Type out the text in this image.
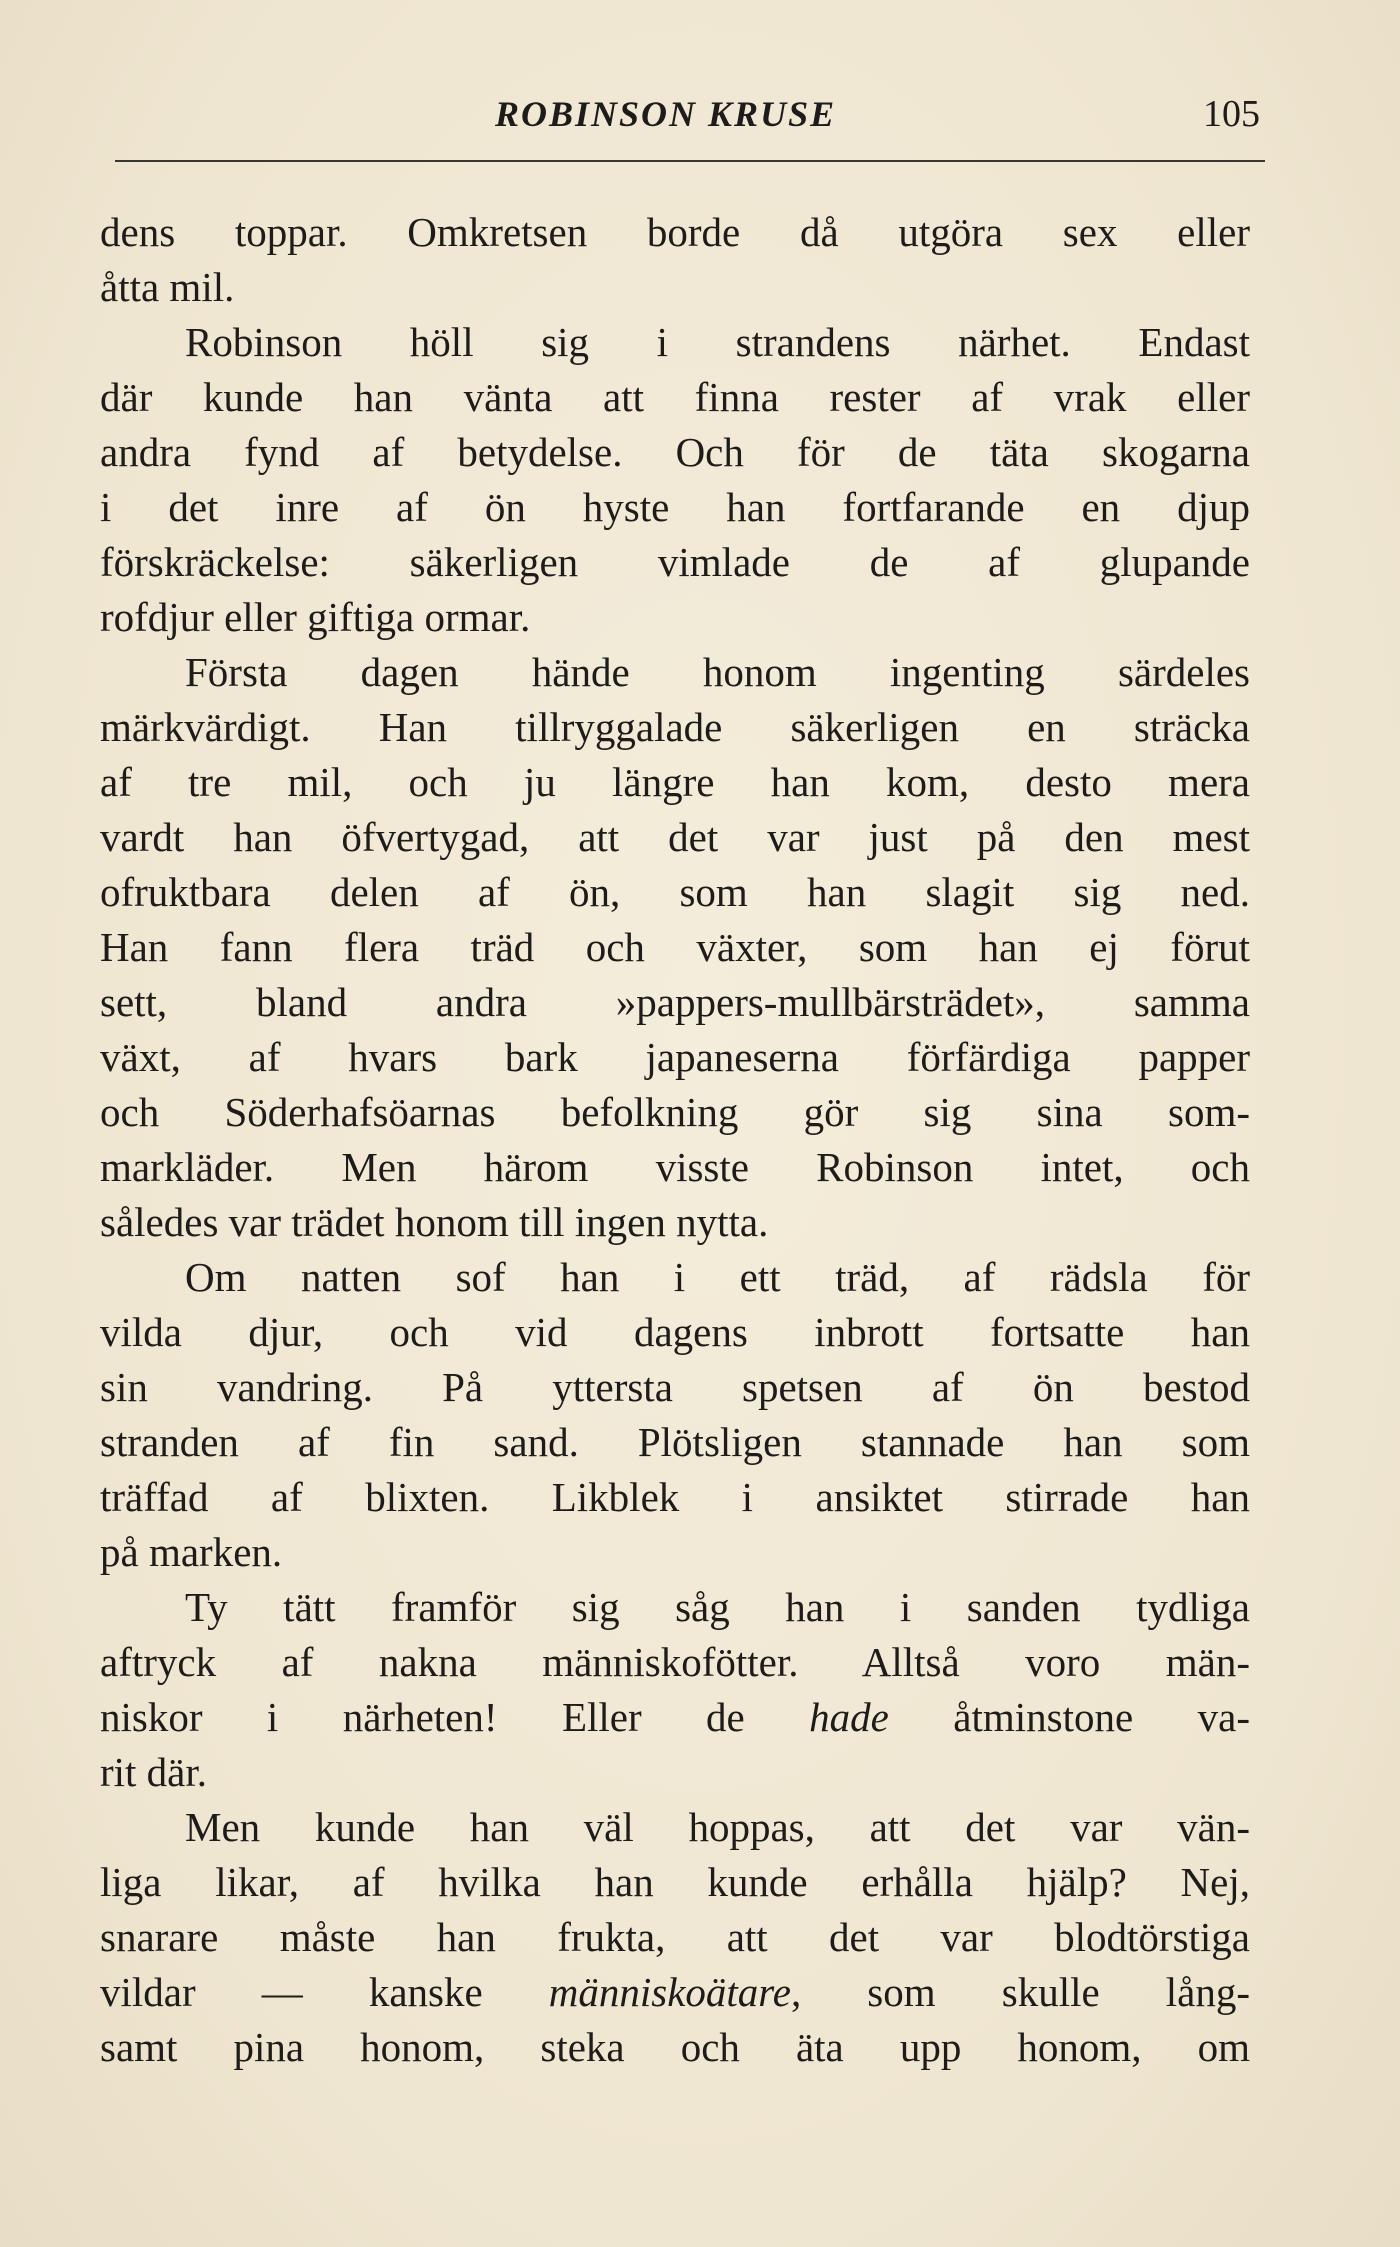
ROBINSON KRUSE	105
dens toppar. Omkretsen borde då utgöra sex eller
åtta mil.
Robinson höll sig i strandens närhet. Endast
där kunde han vänta att finna rester af vrak eller
andra fynd af betydelse. Och för de täta skogarna
i det inre af ön hyste han fortfarande en djup
förskräckelse: säkerligen vimlade de af glupande
rofdjur eller giftiga ormar.
Första dagen hände honom ingenting särdeles
märkvärdigt. Han tillryggalade säkerligen en sträcka
af tre mil, och ju längre han kom, desto mera
vardt han öfvertygad, att det var just på den mest
ofruktbara delen af ön, som han slagit sig ned.
Han fann flera träd och växter, som han ej förut
sett, bland andra »pappers-mullbärsträdet», samma
växt, af hvars bark japaneserna förfärdiga papper
och Söderhafsöarnas befolkning gör sig sina som-
markläder. Men härom visste Robinson intet, och
således var trädet honom till ingen nytta.
Om natten sof han i ett träd, af rädsla för
vilda djur, och vid dagens inbrott fortsatte han
sin vandring. På yttersta spetsen af ön bestod
stranden af fin sand. Plötsligen stannade han som
träffad af blixten. Likblek i ansiktet stirrade han
på marken.
Ty tätt framför sig såg han i sanden tydliga
aftryck af nakna människofötter. Alltså voro män-
niskor i närheten! Eller de hade åtminstone va-
rit där.
Men kunde han väl hoppas, att det var vän-
liga likar, af hvilka han kunde erhålla hjälp? Nej,
snarare måste han frukta, att det var blodtörstiga
vildar — kanske människoätare, som skulle lång-
samt pina honom, steka och äta upp honom, om
